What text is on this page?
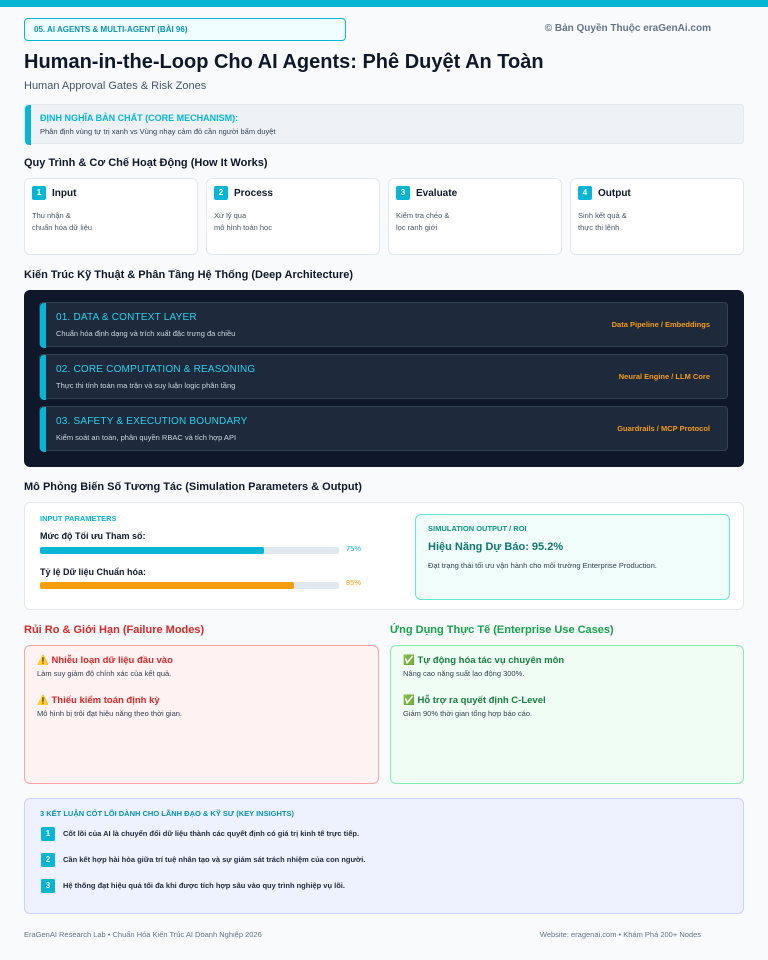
05. AI AGENTS & MULTI-AGENT (BÀI 96)	© Bản Quyền Thuộc eraGenAi.com
Human-in-the-Loop Cho AI Agents: Phê Duyệt An Toàn
Human Approval Gates & Risk Zones
ĐỊNH NGHĨA BẢN CHẤT (CORE MECHANISM):
Phân định vùng tự trị xanh vs Vùng nhạy cảm đỏ cần người bấm duyệt
Quy Trình & Cơ Chế Hoạt Động (How It Works)
1	Input
Thu nhận &
chuẩn hóa dữ liệu
2	Process
Xử lý qua
mô hình toán học
3	Evaluate
Kiểm tra chéo &
lọc ranh giới
4	Output
Sinh kết quả &
thực thi lệnh
Kiến Trúc Kỹ Thuật & Phân Tầng Hệ Thống (Deep Architecture)
01. DATA & CONTEXT LAYER
Chuẩn hóa định dạng và trích xuất đặc trưng đa chiều
Data Pipeline / Embeddings
02. CORE COMPUTATION & REASONING
Thực thi tính toán ma trận và suy luận logic phân tầng
Neural Engine / LLM Core
03. SAFETY & EXECUTION BOUNDARY
Kiểm soát an toàn, phân quyền RBAC và tích hợp API
Guardrails / MCP Protocol
Mô Phỏng Biến Số Tương Tác (Simulation Parameters & Output)
INPUT PARAMETERS
Mức độ Tối ưu Tham số:
75%
Tỷ lệ Dữ liệu Chuẩn hóa:
85%
SIMULATION OUTPUT / ROI
Hiệu Năng Dự Báo: 95.2%
Đạt trạng thái tối ưu vận hành cho môi trường Enterprise Production.
Rủi Ro & Giới Hạn (Failure Modes)	Ứng Dụng Thực Tế (Enterprise Use Cases)
⚠️ Nhiễu loạn dữ liệu đầu vào
Làm suy giảm độ chính xác của kết quả.
⚠️ Thiếu kiểm toán định kỳ
Mô hình bị trôi đạt hiệu năng theo thời gian.
✅ Tự động hóa tác vụ chuyên môn
Nâng cao năng suất lao động 300%.
✅ Hỗ trợ ra quyết định C-Level
Giảm 90% thời gian tổng hợp báo cáo.
3 KẾT LUẬN CỐT LÕI DÀNH CHO LÃNH ĐẠO & KỸ SƯ (KEY INSIGHTS)
1	Cốt lõi của AI là chuyển đổi dữ liệu thành các quyết định có giá trị kinh tế trực tiếp.
2	Cần kết hợp hài hòa giữa trí tuệ nhân tạo và sự giám sát trách nhiệm của con người.
3	Hệ thống đạt hiệu quả tối đa khi được tích hợp sâu vào quy trình nghiệp vụ lõi.
EraGenAI Research Lab • Chuẩn Hóa Kiến Trúc AI Doanh Nghiệp 2026	Website: eragenai.com • Khám Phá 200+ Nodes
